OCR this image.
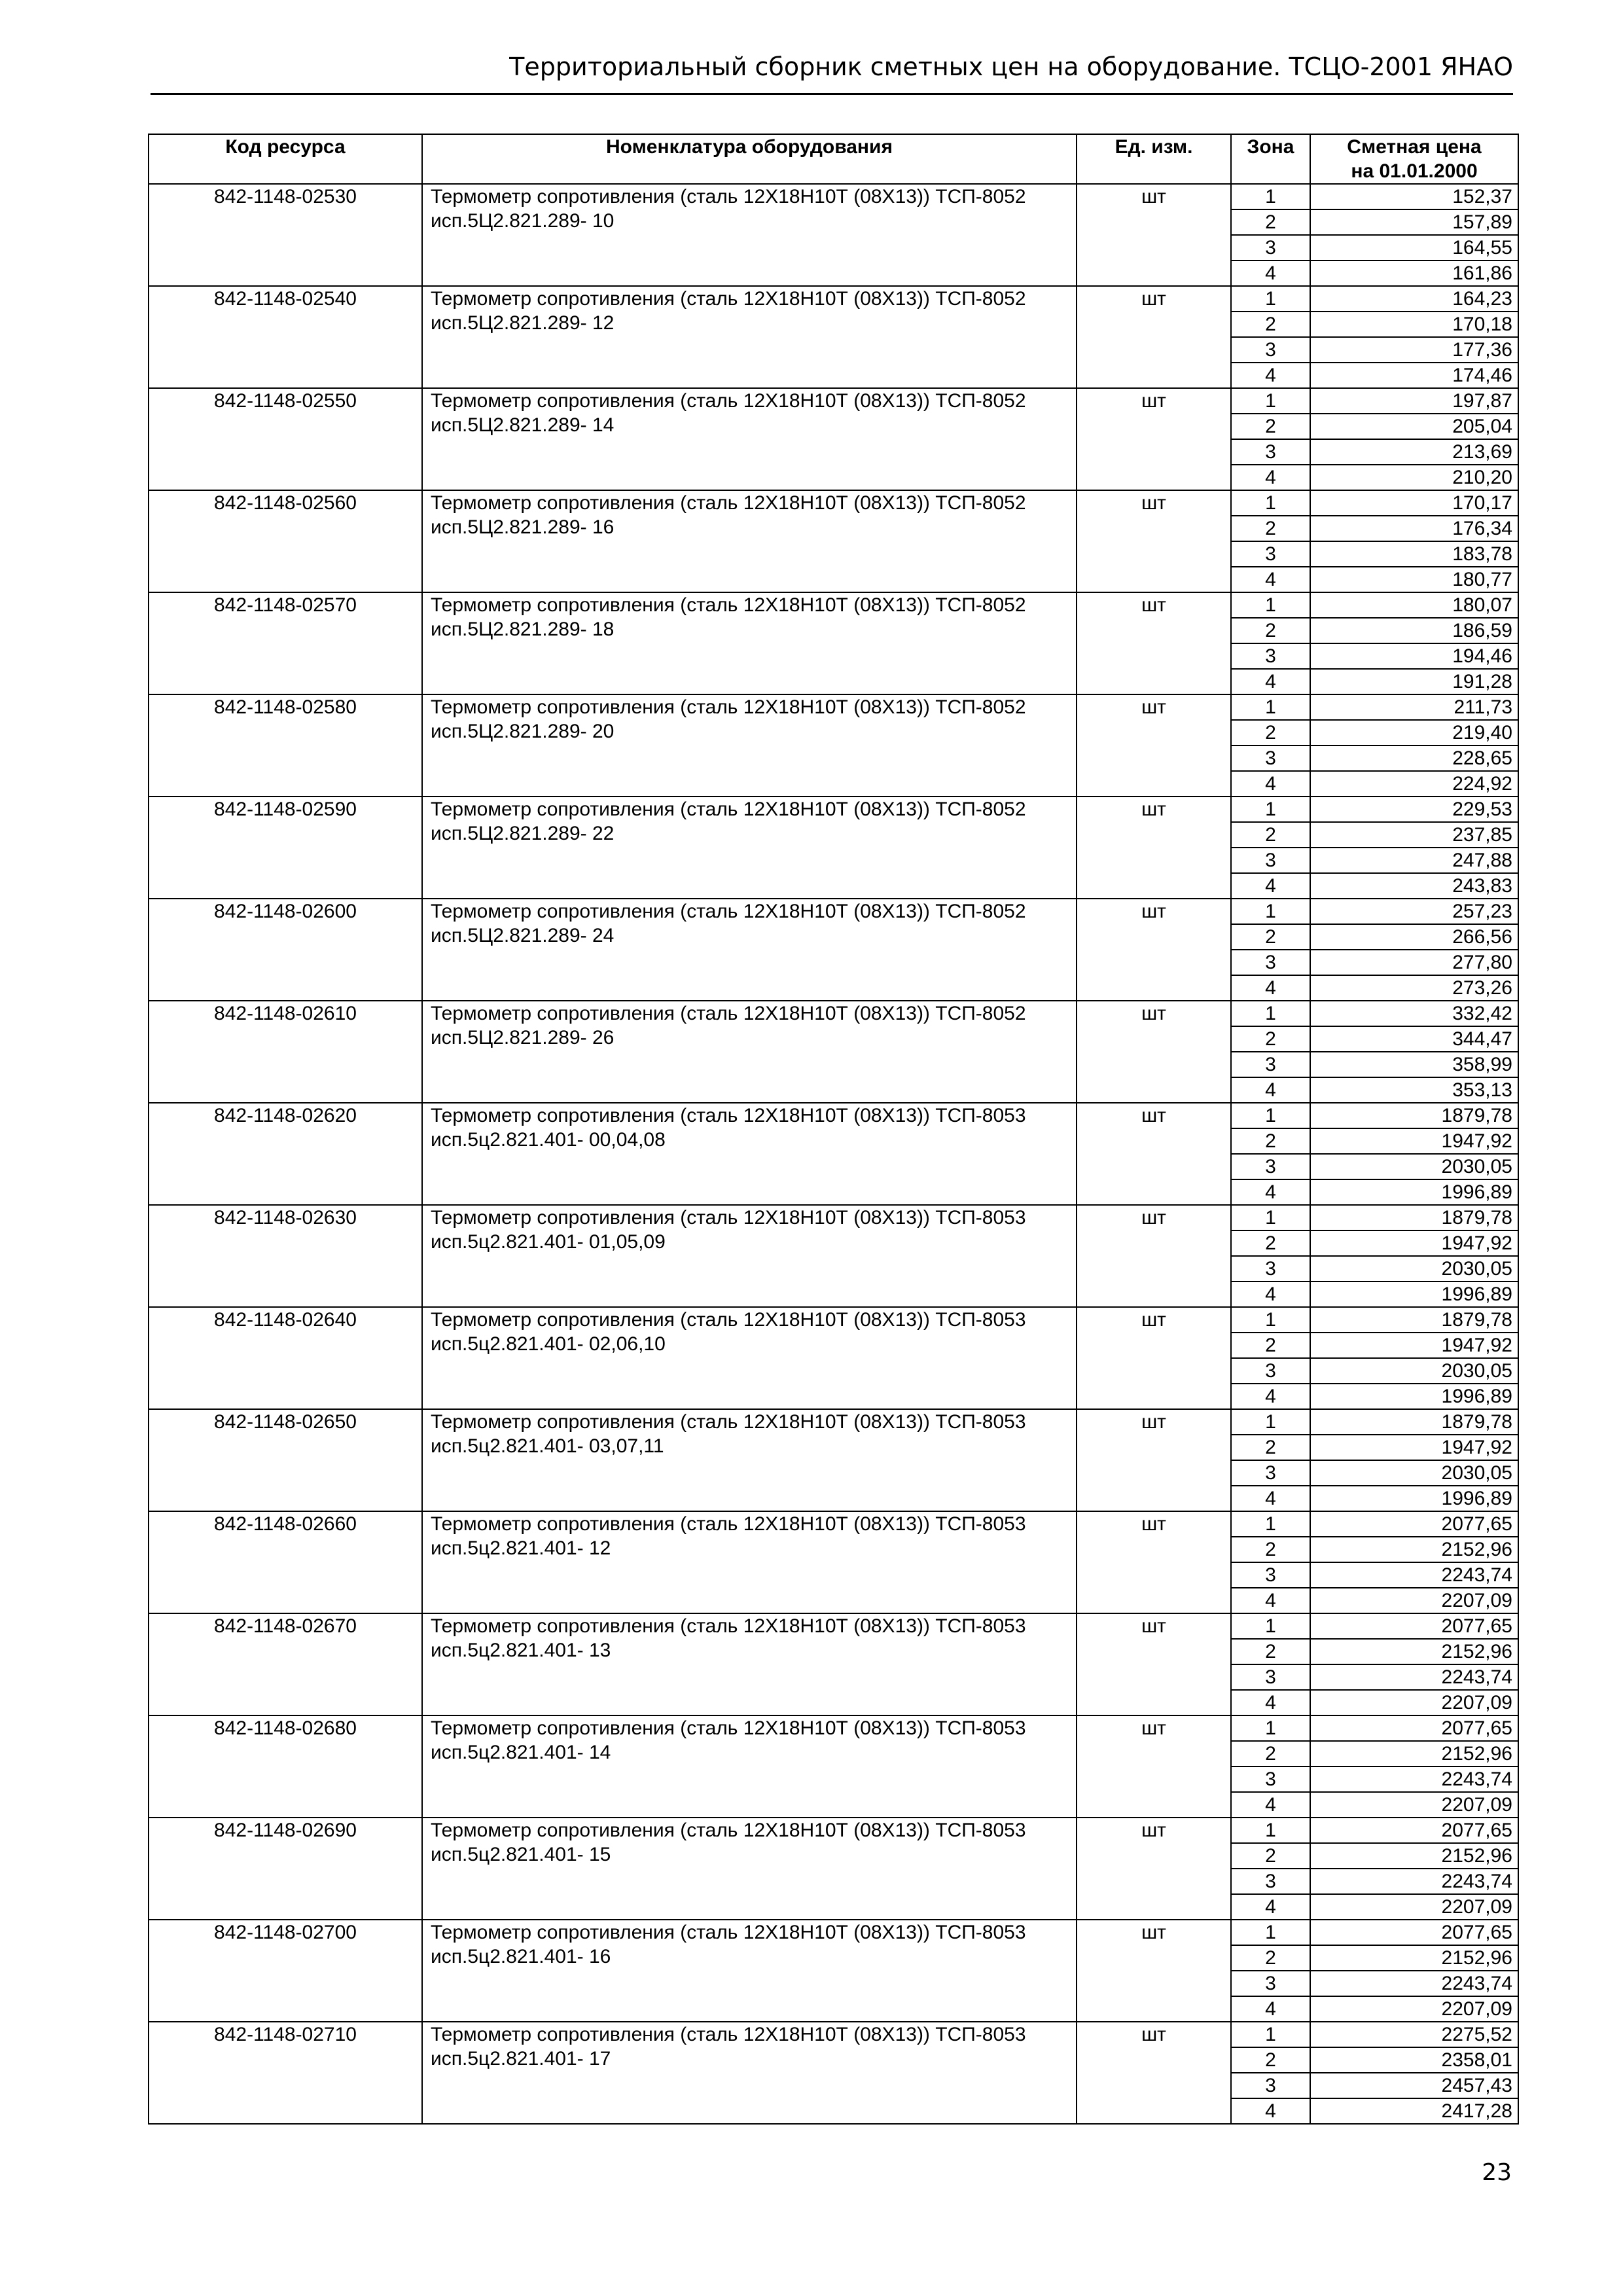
Территориальный сборник сметных цен на оборудование. ТСЦО-2001 ЯНАО
Код ресурса	Номенклатура оборудования	Ед. изм.	Зона	Сметная цена
на 01.01.2000
842-1148-02530	Термометр сопротивления (сталь 12Х18Н10Т (08Х13)) ТСП-8052 исп.5Ц2.821.289- 10	шт	1	152,37
			2	157,89
			3	164,55
			4	161,86
842-1148-02540	Термометр сопротивления (сталь 12Х18Н10Т (08Х13)) ТСП-8052 исп.5Ц2.821.289- 12	шт	1	164,23
			2	170,18
			3	177,36
			4	174,46
842-1148-02550	Термометр сопротивления (сталь 12Х18Н10Т (08Х13)) ТСП-8052 исп.5Ц2.821.289- 14	шт	1	197,87
			2	205,04
			3	213,69
			4	210,20
842-1148-02560	Термометр сопротивления (сталь 12Х18Н10Т (08Х13)) ТСП-8052 исп.5Ц2.821.289- 16	шт	1	170,17
			2	176,34
			3	183,78
			4	180,77
842-1148-02570	Термометр сопротивления (сталь 12Х18Н10Т (08Х13)) ТСП-8052 исп.5Ц2.821.289- 18	шт	1	180,07
			2	186,59
			3	194,46
			4	191,28
842-1148-02580	Термометр сопротивления (сталь 12Х18Н10Т (08Х13)) ТСП-8052 исп.5Ц2.821.289- 20	шт	1	211,73
			2	219,40
			3	228,65
			4	224,92
842-1148-02590	Термометр сопротивления (сталь 12Х18Н10Т (08Х13)) ТСП-8052 исп.5Ц2.821.289- 22	шт	1	229,53
			2	237,85
			3	247,88
			4	243,83
842-1148-02600	Термометр сопротивления (сталь 12Х18Н10Т (08Х13)) ТСП-8052 исп.5Ц2.821.289- 24	шт	1	257,23
			2	266,56
			3	277,80
			4	273,26
842-1148-02610	Термометр сопротивления (сталь 12Х18Н10Т (08Х13)) ТСП-8052 исп.5Ц2.821.289- 26	шт	1	332,42
			2	344,47
			3	358,99
			4	353,13
842-1148-02620	Термометр сопротивления (сталь 12Х18Н10Т (08Х13)) ТСП-8053 исп.5ц2.821.401- 00,04,08	шт	1	1879,78
			2	1947,92
			3	2030,05
			4	1996,89
842-1148-02630	Термометр сопротивления (сталь 12Х18Н10Т (08Х13)) ТСП-8053 исп.5ц2.821.401- 01,05,09	шт	1	1879,78
			2	1947,92
			3	2030,05
			4	1996,89
842-1148-02640	Термометр сопротивления (сталь 12Х18Н10Т (08Х13)) ТСП-8053 исп.5ц2.821.401- 02,06,10	шт	1	1879,78
			2	1947,92
			3	2030,05
			4	1996,89
842-1148-02650	Термометр сопротивления (сталь 12Х18Н10Т (08Х13)) ТСП-8053 исп.5ц2.821.401- 03,07,11	шт	1	1879,78
			2	1947,92
			3	2030,05
			4	1996,89
842-1148-02660	Термометр сопротивления (сталь 12Х18Н10Т (08Х13)) ТСП-8053 исп.5ц2.821.401- 12	шт	1	2077,65
			2	2152,96
			3	2243,74
			4	2207,09
842-1148-02670	Термометр сопротивления (сталь 12Х18Н10Т (08Х13)) ТСП-8053 исп.5ц2.821.401- 13	шт	1	2077,65
			2	2152,96
			3	2243,74
			4	2207,09
842-1148-02680	Термометр сопротивления (сталь 12Х18Н10Т (08Х13)) ТСП-8053 исп.5ц2.821.401- 14	шт	1	2077,65
			2	2152,96
			3	2243,74
			4	2207,09
842-1148-02690	Термометр сопротивления (сталь 12Х18Н10Т (08Х13)) ТСП-8053 исп.5ц2.821.401- 15	шт	1	2077,65
			2	2152,96
			3	2243,74
			4	2207,09
842-1148-02700	Термометр сопротивления (сталь 12Х18Н10Т (08Х13)) ТСП-8053 исп.5ц2.821.401- 16	шт	1	2077,65
			2	2152,96
			3	2243,74
			4	2207,09
842-1148-02710	Термометр сопротивления (сталь 12Х18Н10Т (08Х13)) ТСП-8053 исп.5ц2.821.401- 17	шт	1	2275,52
			2	2358,01
			3	2457,43
			4	2417,28
23
